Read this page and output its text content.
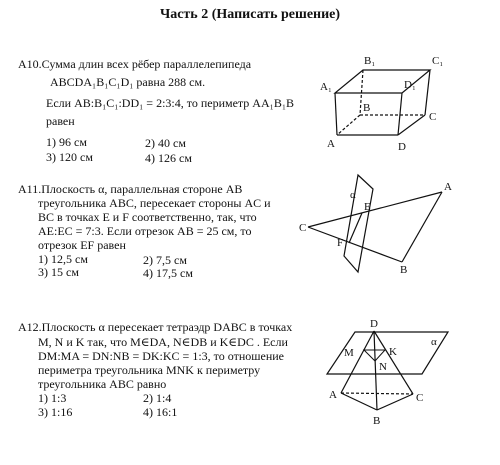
Часть 2 (Написать решение)
А10.Сумма длин всех рёбер параллелепипеда
ABCDA₁B₁C₁D₁ равна 288 см.
Если AB:B₁C₁:DD₁ = 2:3:4, то периметр AA₁B₁B
равен
1) 96 см	2) 40 см
3) 120 см	4) 126 см
B₁	C₁
A₁	D₁
B
C
A	D
α
A
E
C
F
B
D
α
M	K
N
A	C
B
А11.Плоскость α, параллельная стороне AB
треугольника ABC, пересекает стороны AC и
BC в точках E и F соответственно, так, что
AE:EC = 7:3. Если отрезок AB = 25 см, то
отрезок EF равен
1) 12,5 см	2) 7,5 см
3) 15 см	4) 17,5 см
А12.Плоскость α пересекает тетраэдр DABC в точках
M, N и K так, что M∈DA, N∈DB и K∈DC . Если
DM:MA = DN:NB = DK:KC = 1:3, то отношение
периметра треугольника MNK к периметру
треугольника ABC равно
1) 1:3	2) 1:4
3) 1:16	4) 16:1
